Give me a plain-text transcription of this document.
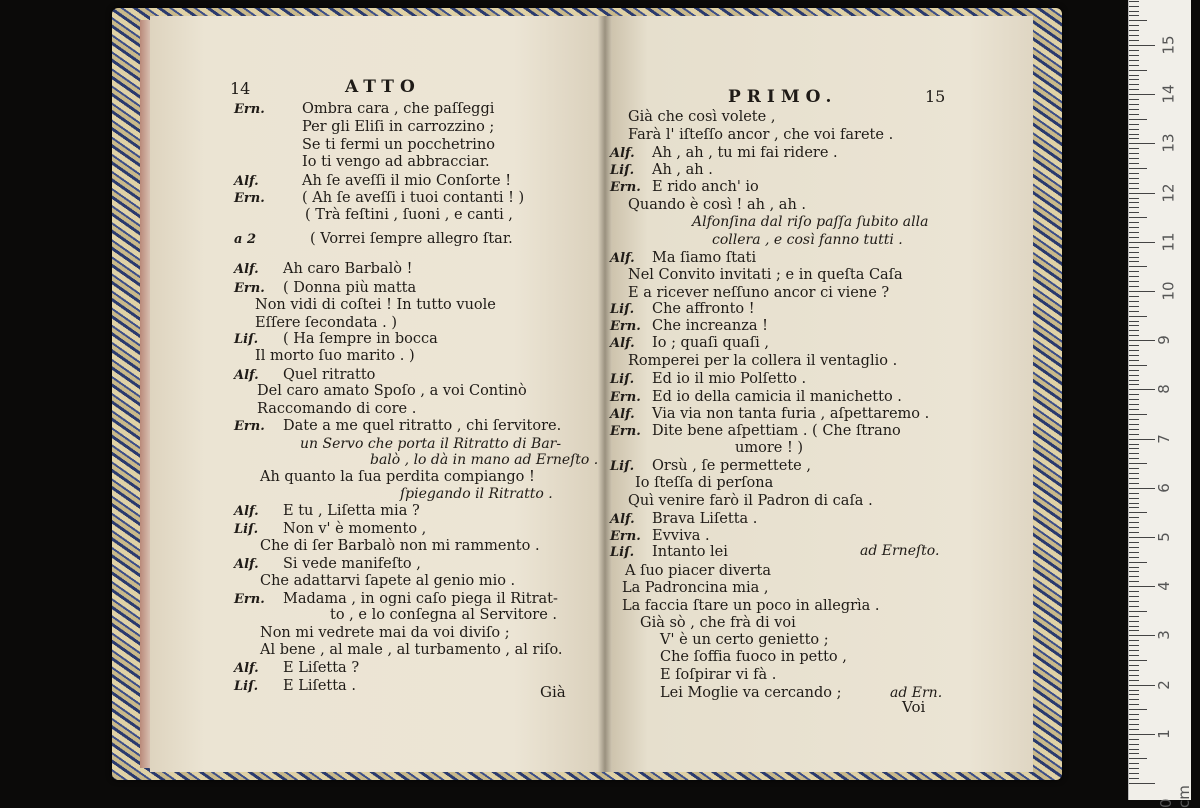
14	ATTO
Già
PRIMO.	15
Voi
ad Erneſto.
ad Ern.
Ern.	Ombra cara , che paſſeggi
Per gli Eliſi in carrozzino ;
Se ti fermi un pocchetrino
Io ti vengo ad abbracciar.
Alf.	Ah ſe aveſſi il mio Conſorte !
Ern.	( Ah ſe aveſſi i tuoi contanti ! )
( Trà feſtini , ſuoni , e canti ,
a 2	( Vorrei ſempre allegro ſtar.
Alf. Ah caro Barbalò !
Ern. ( Donna più matta
Non vidi di coſtei ! In tutto vuole
Eſſere ſecondata . )
Liſ. ( Ha ſempre in bocca
Il morto ſuo marito . )
Alf. Quel ritratto
Del caro amato Spoſo , a voi Continò
Raccomando di core .
Ern. Date a me quel ritratto , chi ſervitore.
un Servo che porta il Ritratto di Bar-
balò , lo dà in mano ad Erneſto .
Ah quanto la ſua perdita compiango !
ſpiegando il Ritratto .
Alf. E tu , Liſetta mia ?
Liſ. Non v' è momento ,
Che di ſer Barbalò non mi rammento .
Alf. Si vede manifeſto ,
Che adattarvi ſapete al genio mio .
Ern. Madama , in ogni caſo piega il Ritrat-
to , e lo conſegna al Servitore .
Non mi vedrete mai da voi diviſo ;
Al bene , al male , al turbamento , al riſo.
Alf. E Liſetta ?
Liſ. E Liſetta .
Già che così volete ,
Farà l' iſteſſo ancor , che voi farete .
Alf. Ah , ah , tu mi fai ridere .
Liſ. Ah , ah .
Ern. E rido anch' io
Quando è così ! ah , ah .
Alfonſina dal riſo paſſa ſubito alla
collera , e così fanno tutti .
Alf. Ma ſiamo ſtati
Nel Convito invitati ; e in queſta Caſa
E a ricever neſſuno ancor ci viene ?
Liſ. Che affronto !
Ern. Che increanza !
Alf. Io ; quaſi quaſi ,
Romperei per la collera il ventaglio .
Liſ. Ed io il mio Polſetto .
Ern. Ed io della camicia il manichetto .
Alf. Via via non tanta furia , aſpettaremo .
Ern. Dite bene aſpettiam . ( Che ſtrano
umore ! )
Liſ. Orsù , ſe permettete ,
Io ſteſſa di perſona
Quì venire farò il Padron di caſa .
Alf. Brava Liſetta .
Ern. Evviva .
Liſ. Intanto lei
A ſuo piacer diverta
La Padroncina mia ,
La faccia ſtare un poco in allegrìa .
Già sò , che frà di voi
V' è un certo genietto ;
Che ſoffia fuoco in petto ,
E ſoſpirar vi fà .
Lei Moglie va cercando ;
0 cm
1
2
3
4
5
6
7
8
9
10
11
12
13
14
15
